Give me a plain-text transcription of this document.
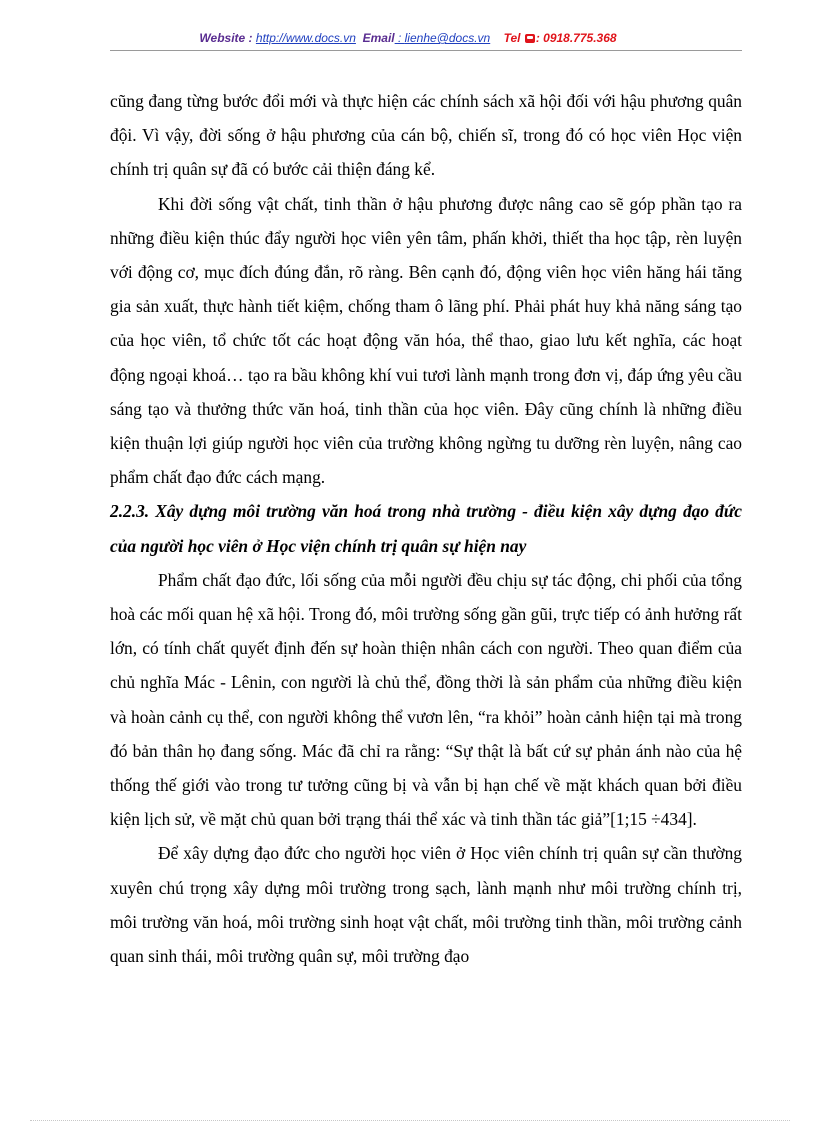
Website : http://www.docs.vn Email : lienhe@docs.vn Tel : 0918.775.368

cũng đang từng bước đổi mới và thực hiện các chính sách xã hội đối với hậu phương quân đội. Vì vậy, đời sống ở hậu phương của cán bộ, chiến sĩ, trong đó có học viên Học viện chính trị quân sự đã có bước cải thiện đáng kể.

Khi đời sống vật chất, tinh thần ở hậu phương được nâng cao sẽ góp phần tạo ra những điều kiện thúc đẩy người học viên yên tâm, phấn khởi, thiết tha học tập, rèn luyện với động cơ, mục đích đúng đắn, rõ ràng. Bên cạnh đó, động viên học viên hăng hái tăng gia sản xuất, thực hành tiết kiệm, chống tham ô lãng phí. Phải phát huy khả năng sáng tạo của học viên, tổ chức tốt các hoạt động văn hóa, thể thao, giao lưu kết nghĩa, các hoạt động ngoại khoá… tạo ra bầu không khí vui tươi lành mạnh trong đơn vị, đáp ứng yêu cầu sáng tạo và thưởng thức văn hoá, tinh thần của học viên. Đây cũng chính là những điều kiện thuận lợi giúp người học viên của trường không ngừng tu dưỡng rèn luyện, nâng cao phẩm chất đạo đức cách mạng.

2.2.3. Xây dựng môi trường văn hoá trong nhà trường - điều kiện xây dựng đạo đức của người học viên ở Học viện chính trị quân sự hiện nay

Phẩm chất đạo đức, lối sống của mỗi người đều chịu sự tác động, chi phối của tổng hoà các mối quan hệ xã hội. Trong đó, môi trường sống gần gũi, trực tiếp có ảnh hưởng rất lớn, có tính chất quyết định đến sự hoàn thiện nhân cách con người. Theo quan điểm của chủ nghĩa Mác - Lênin, con người là chủ thể, đồng thời là sản phẩm của những điều kiện và hoàn cảnh cụ thể, con người không thể vươn lên, “ra khỏi” hoàn cảnh hiện tại mà trong đó bản thân họ đang sống. Mác đã chỉ ra rằng: “Sự thật là bất cứ sự phản ánh nào của hệ thống thế giới vào trong tư tưởng cũng bị và vẫn bị hạn chế về mặt khách quan bởi điều kiện lịch sử, về mặt chủ quan bởi trạng thái thể xác và tinh thần tác giả”[1;15 ÷434].

Để xây dựng đạo đức cho người học viên ở Học viên chính trị quân sự cần thường xuyên chú trọng xây dựng môi trường trong sạch, lành mạnh như môi trường chính trị, môi trường văn hoá, môi trường sinh hoạt vật chất, môi trường tinh thần, môi trường cảnh quan sinh thái, môi trường quân sự, môi trường đạo
